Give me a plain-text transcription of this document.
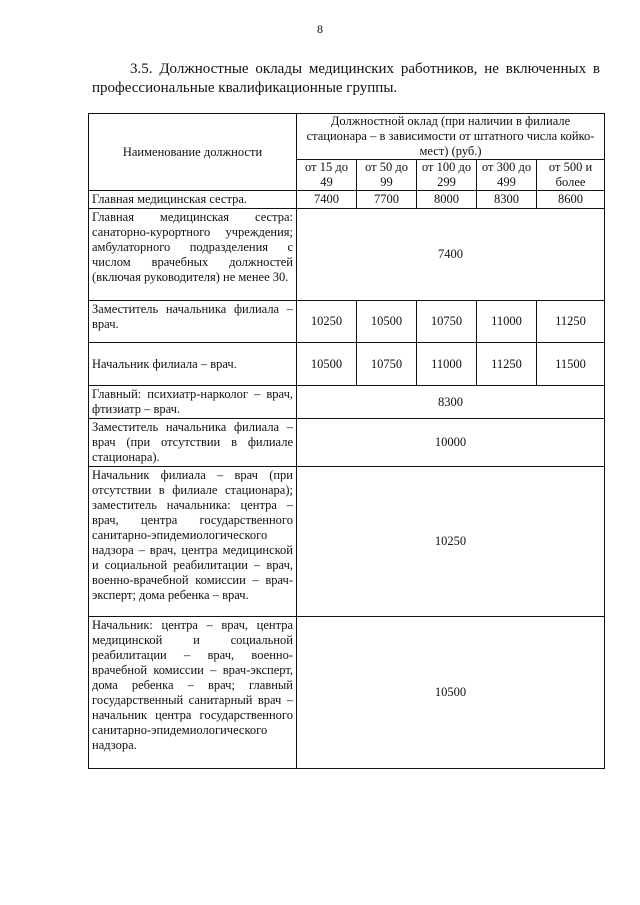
8
3.5. Должностные оклады медицинских работников, не включенных в профессиональные квалификационные группы.
Наименование должности	Должностной оклад (при наличии в филиале стационара – в зависимости от штатного числа койко-мест) (руб.)				
	от 15 до 49	от 50 до 99	от 100 до 299	от 300 до 499	от 500 и более
Главная медицинская сестра.	7400	7700	8000	8300	8600
Главная медицинская сестра: санаторно-курортного учреждения; амбулаторного подразделения с числом врачебных должностей (включая руководителя) не менее 30.	7400				
Заместитель начальника филиала – врач.	10250	10500	10750	11000	11250
Начальник филиала – врач.	10500	10750	11000	11250	11500
Главный: психиатр-нарколог – врач, фтизиатр – врач.	8300				
Заместитель начальника филиала – врач (при отсутствии в филиале стационара).	10000				
Начальник филиала – врач (при отсутствии в филиале стационара); заместитель начальника: центра – врач, центра государственного санитарно-эпидемиологического надзора – врач, центра медицинской и социальной реабилитации – врач, военно-врачебной комиссии – врач-эксперт; дома ребенка – врач.	10250				
Начальник: центра – врач, центра медицинской и социальной реабилитации – врач, военно-врачебной комиссии – врач-эксперт, дома ребенка – врач; главный государственный санитарный врач – начальник центра государственного санитарно-эпидемиологического надзора.	10500				
